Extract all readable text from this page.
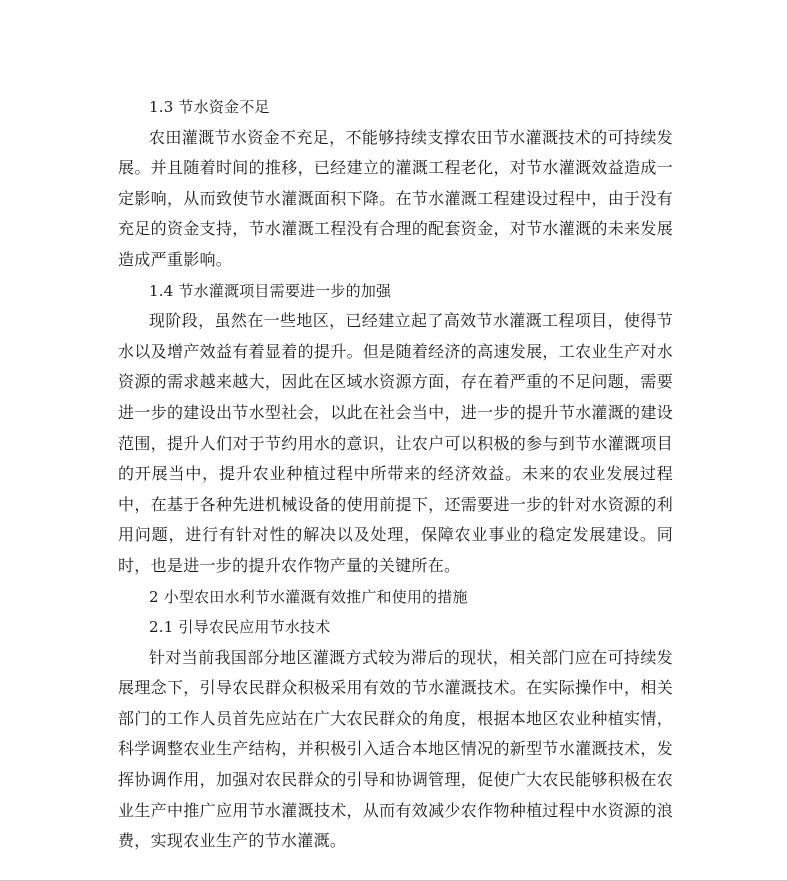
1.3 节水资金不足

农田灌溉节水资金不充足，不能够持续支撑农田节水灌溉技术的可持续发展。并且随着时间的推移，已经建立的灌溉工程老化，对节水灌溉效益造成一定影响，从而致使节水灌溉面积下降。在节水灌溉工程建设过程中，由于没有充足的资金支持，节水灌溉工程没有合理的配套资金，对节水灌溉的未来发展造成严重影响。

1.4 节水灌溉项目需要进一步的加强

现阶段，虽然在一些地区，已经建立起了高效节水灌溉工程项目，使得节水以及增产效益有着显着的提升。但是随着经济的高速发展，工农业生产对水资源的需求越来越大，因此在区域水资源方面，存在着严重的不足问题，需要进一步的建设出节水型社会，以此在社会当中，进一步的提升节水灌溉的建设范围，提升人们对于节约用水的意识，让农户可以积极的参与到节水灌溉项目的开展当中，提升农业种植过程中所带来的经济效益。未来的农业发展过程中，在基于各种先进机械设备的使用前提下，还需要进一步的针对水资源的利用问题，进行有针对性的解决以及处理，保障农业事业的稳定发展建设。同时，也是进一步的提升农作物产量的关键所在。

2 小型农田水利节水灌溉有效推广和使用的措施

2.1 引导农民应用节水技术

针对当前我国部分地区灌溉方式较为滞后的现状，相关部门应在可持续发展理念下，引导农民群众积极采用有效的节水灌溉技术。在实际操作中，相关部门的工作人员首先应站在广大农民群众的角度，根据本地区农业种植实情，科学调整农业生产结构，并积极引入适合本地区情况的新型节水灌溉技术，发挥协调作用，加强对农民群众的引导和协调管理，促使广大农民能够积极在农业生产中推广应用节水灌溉技术，从而有效减少农作物种植过程中水资源的浪费，实现农业生产的节水灌溉。
